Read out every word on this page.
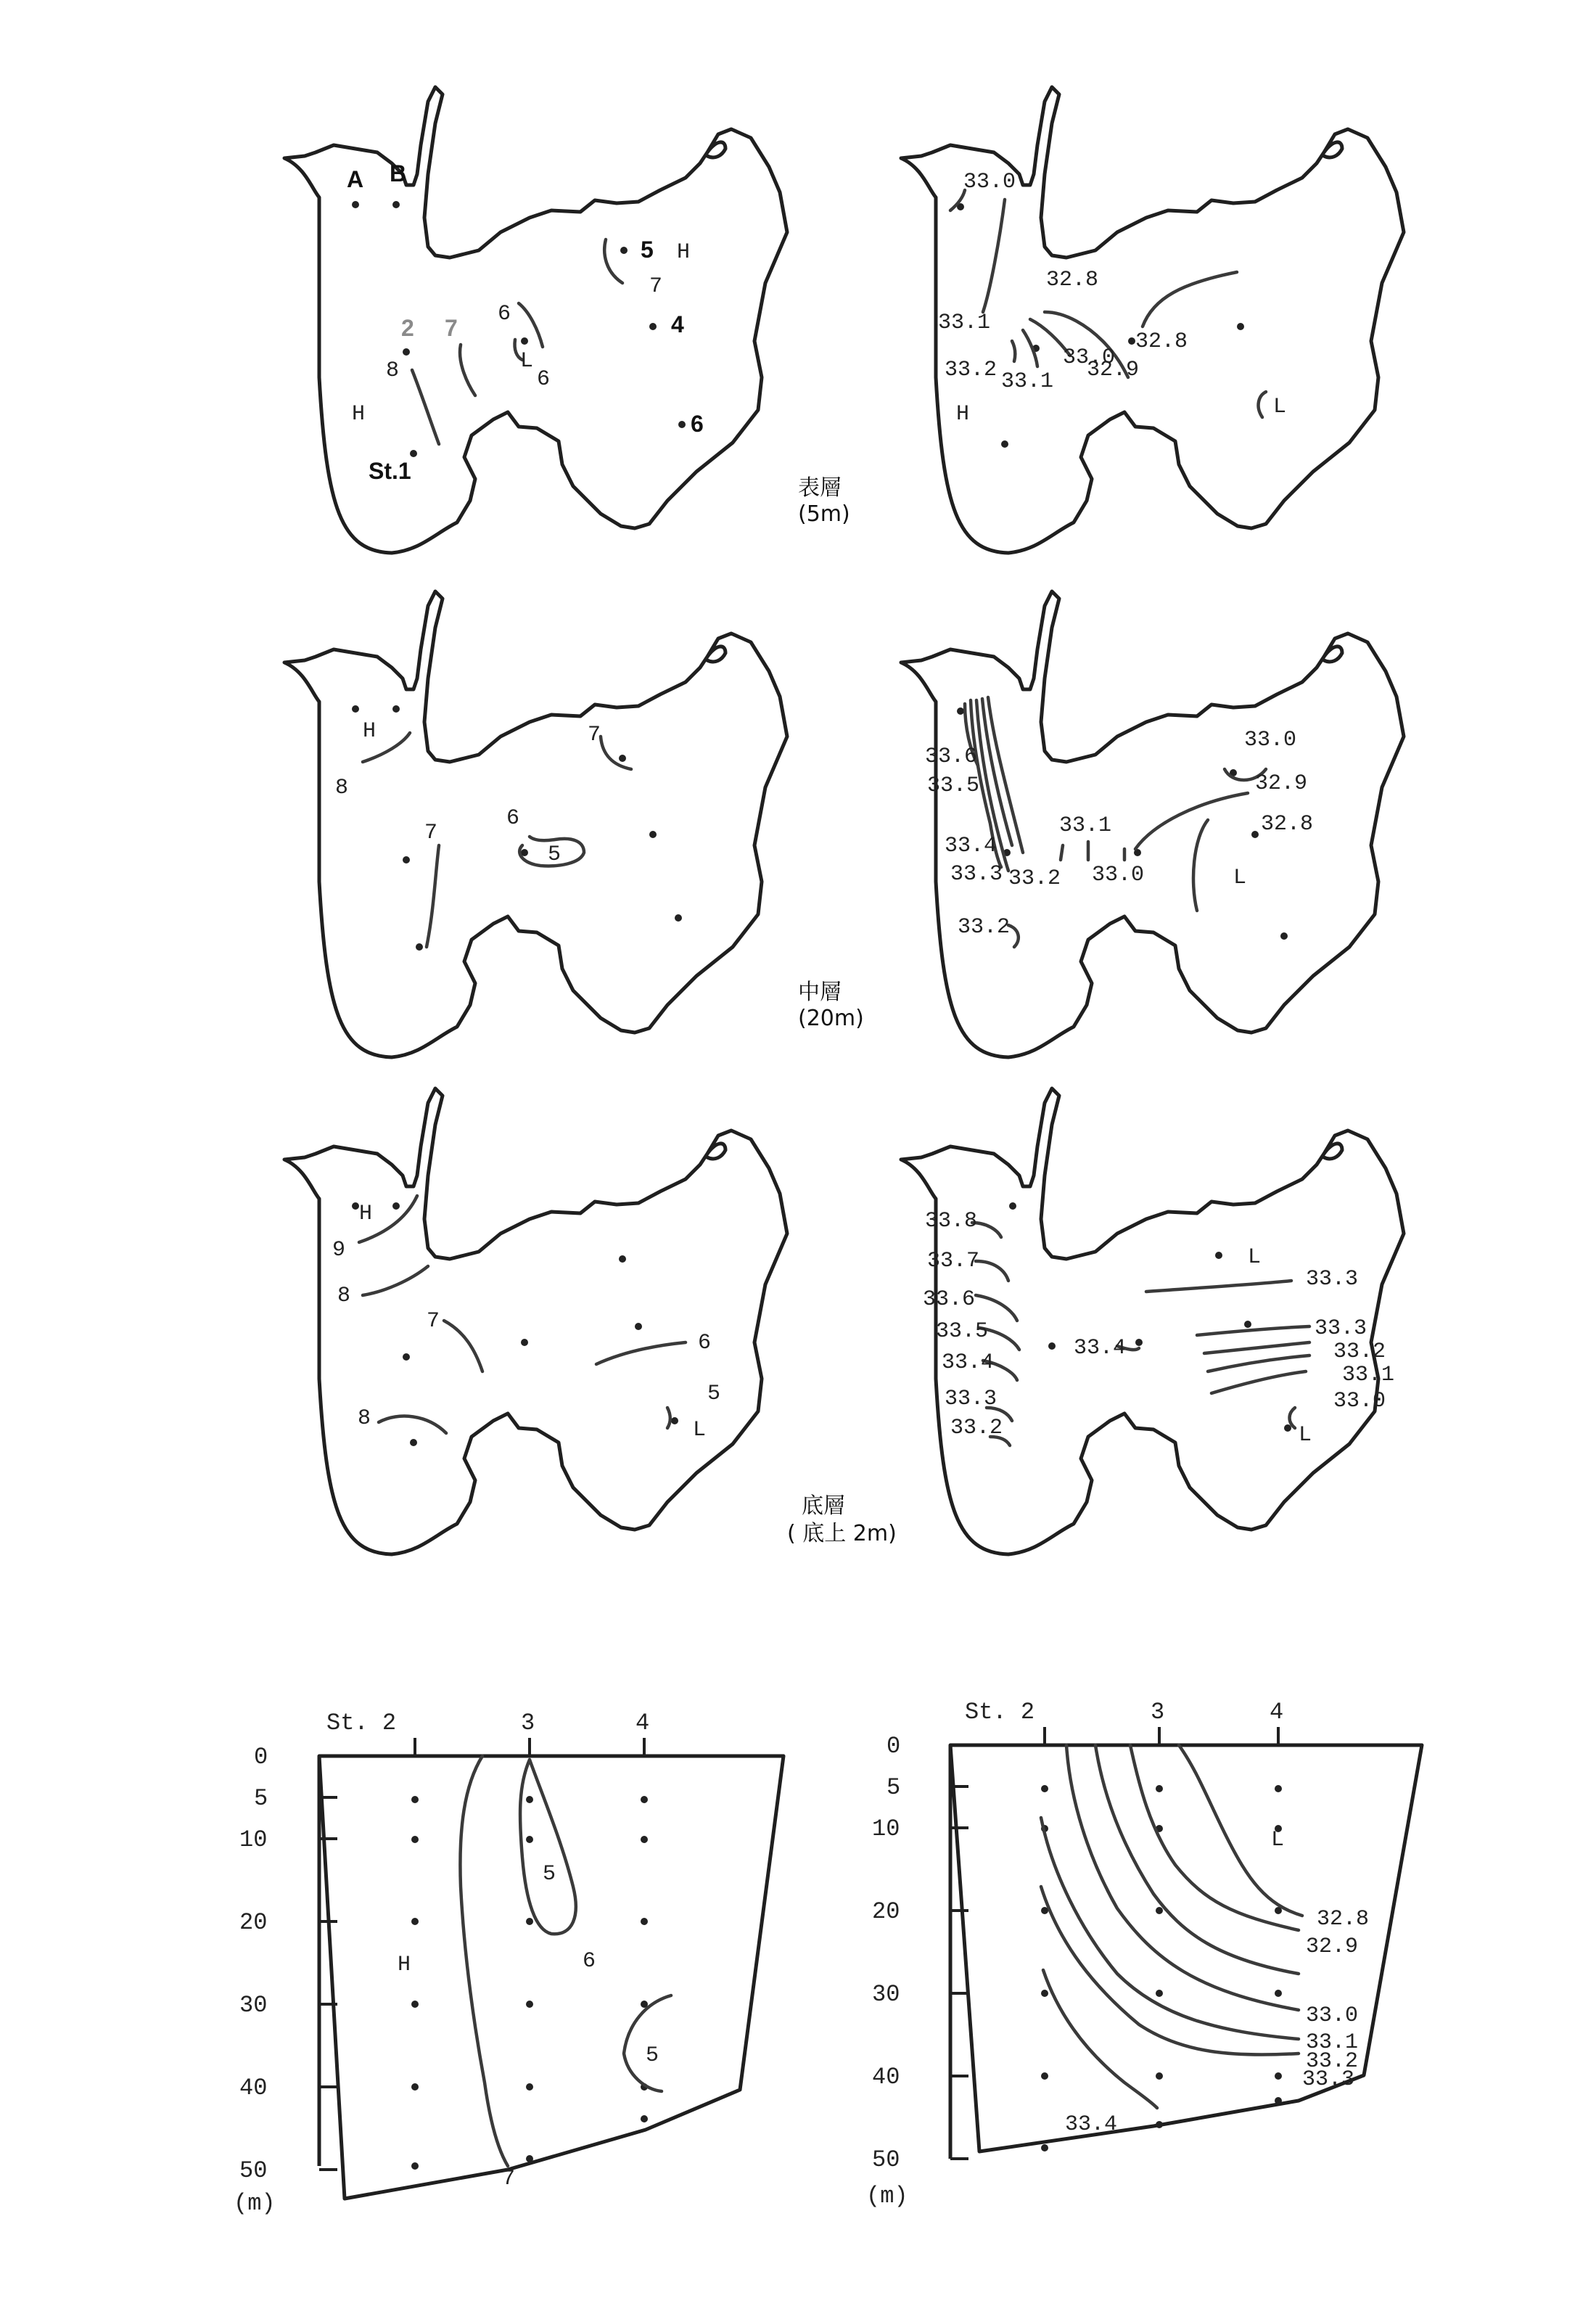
A B
5 H
7
2 7
6
L
6
8
4
H	6
St.1
表層
(5m)
33.0
32.8
33.1
33.0
32.8
33.2 33.1 32.9
H	L
H
8
7
6
5
7
中層
(20m)
33.6
33.5
33.4
33.3 33.2
33.1
33.0
33.0
32.9
32.8
L
33.2
H
9
8
7
8
6
5
L
底層
( 底上 2m)
33.8
33.7
33.6
33.5
33.4
33.3
33.2
33.4
L
33.3
33.3
33.2
33.1
33.0
L
St. 2	3	4
0
5
10
20
30
40
50
(m)
5
H	6
5
7
St. 2	3	4
0
5
10
20
30
40
50
(m)
L
32.8
32.9
33.0
33.1
33.2
33.3
33.4
